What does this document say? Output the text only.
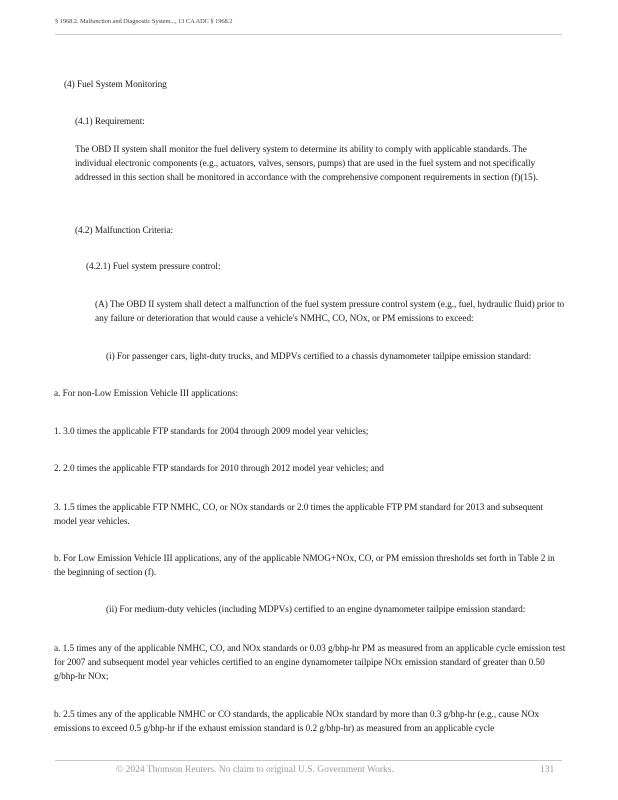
§ 1968.2. Malfunction and Diagnostic System..., 13 CA ADC § 1968.2
(4) Fuel System Monitoring
(4.1) Requirement:
The OBD II system shall monitor the fuel delivery system to determine its ability to comply with applicable standards. The individual electronic components (e.g., actuators, valves, sensors, pumps) that are used in the fuel system and not specifically addressed in this section shall be monitored in accordance with the comprehensive component requirements in section (f)(15).
(4.2) Malfunction Criteria:
(4.2.1) Fuel system pressure control:
(A) The OBD II system shall detect a malfunction of the fuel system pressure control system (e.g., fuel, hydraulic fluid) prior to any failure or deterioration that would cause a vehicle's NMHC, CO, NOx, or PM emissions to exceed:
(i) For passenger cars, light-duty trucks, and MDPVs certified to a chassis dynamometer tailpipe emission standard:
a. For non-Low Emission Vehicle III applications:
1. 3.0 times the applicable FTP standards for 2004 through 2009 model year vehicles;
2. 2.0 times the applicable FTP standards for 2010 through 2012 model year vehicles; and
3. 1.5 times the applicable FTP NMHC, CO, or NOx standards or 2.0 times the applicable FTP PM standard for 2013 and subsequent model year vehicles.
b. For Low Emission Vehicle III applications, any of the applicable NMOG+NOx, CO, or PM emission thresholds set forth in Table 2 in the beginning of section (f).
(ii) For medium-duty vehicles (including MDPVs) certified to an engine dynamometer tailpipe emission standard:
a. 1.5 times any of the applicable NMHC, CO, and NOx standards or 0.03 g/bhp-hr PM as measured from an applicable cycle emission test for 2007 and subsequent model year vehicles certified to an engine dynamometer tailpipe NOx emission standard of greater than 0.50 g/bhp-hr NOx;
b. 2.5 times any of the applicable NMHC or CO standards, the applicable NOx standard by more than 0.3 g/bhp-hr (e.g., cause NOx emissions to exceed 0.5 g/bhp-hr if the exhaust emission standard is 0.2 g/bhp-hr) as measured from an applicable cycle
© 2024 Thomson Reuters. No claim to original U.S. Government Works.	131
